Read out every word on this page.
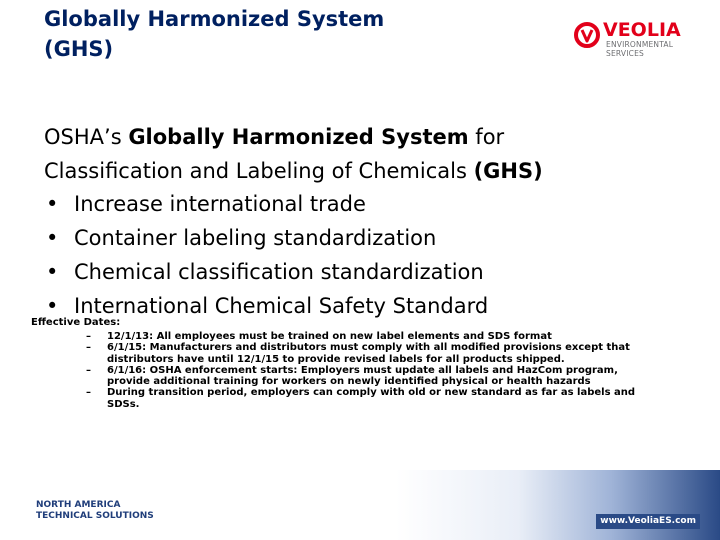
Globally Harmonized System
(GHS)
VEOLIA
ENVIRONMENTAL
SERVICES
OSHA’s Globally Harmonized System for
Classification and Labeling of Chemicals (GHS)
• Increase international trade
• Container labeling standardization
• Chemical classification standardization
• International Chemical Safety Standard
Effective Dates:
– 12/1/13: All employees must be trained on new label elements and SDS format
– 6/1/15: Manufacturers and distributors must comply with all modified provisions except that distributors have until 12/1/15 to provide revised labels for all products shipped.
– 6/1/16: OSHA enforcement starts: Employers must update all labels and HazCom program, provide additional training for workers on newly identified physical or health hazards
– During transition period, employers can comply with old or new standard as far as labels and SDSs.
NORTH AMERICA
TECHNICAL SOLUTIONS	www.VeoliaES.com
